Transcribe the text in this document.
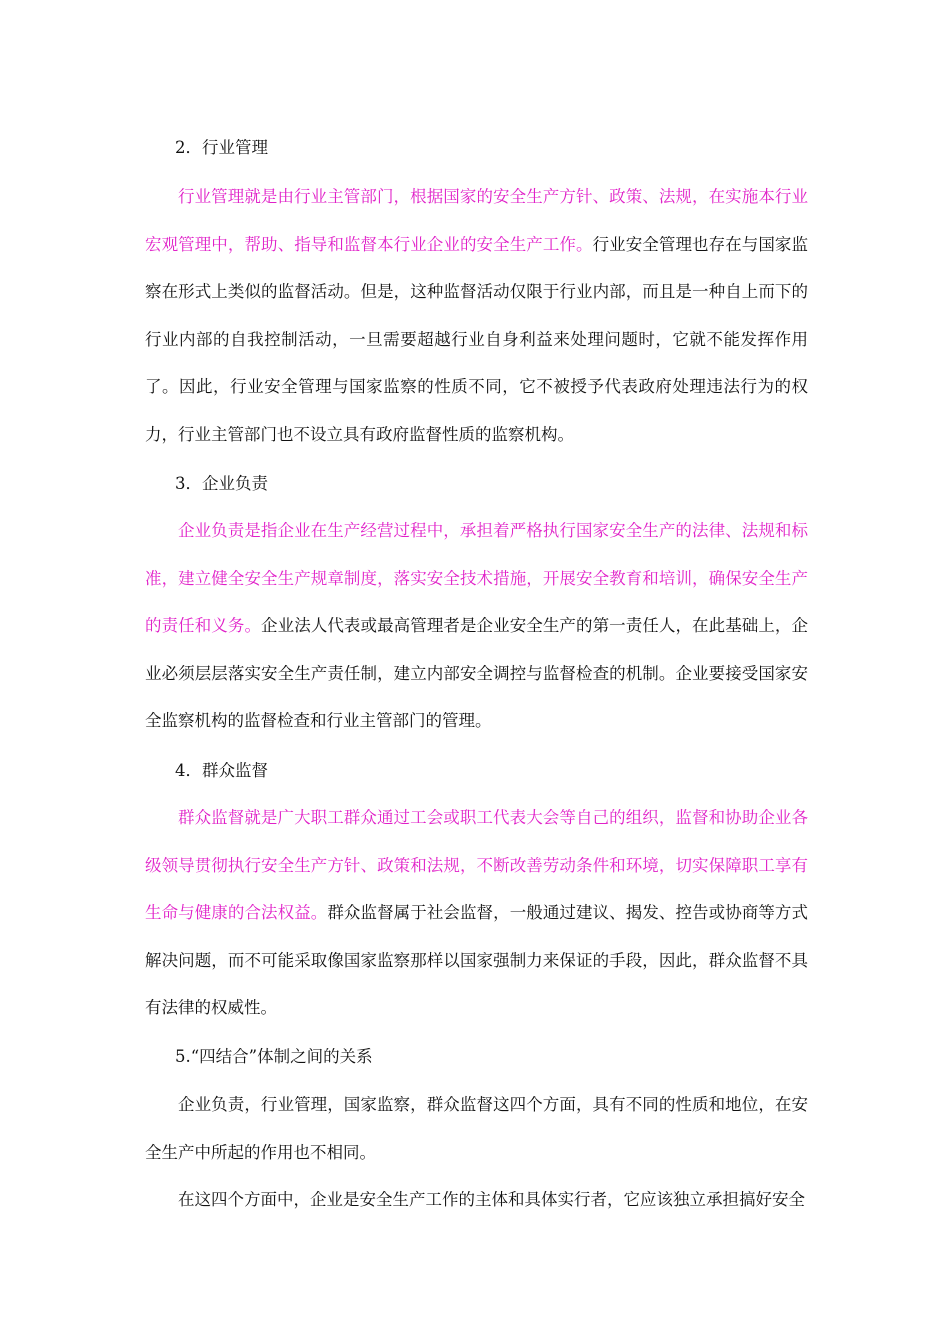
2．行业管理

行业管理就是由行业主管部门，根据国家的安全生产方针、政策、法规，在实施本行业宏观管理中，帮助、指导和监督本行业企业的安全生产工作。行业安全管理也存在与国家监察在形式上类似的监督活动。但是，这种监督活动仅限于行业内部，而且是一种自上而下的行业内部的自我控制活动，一旦需要超越行业自身利益来处理问题时，它就不能发挥作用了。因此，行业安全管理与国家监察的性质不同，它不被授予代表政府处理违法行为的权力，行业主管部门也不设立具有政府监督性质的监察机构。

3．企业负责

企业负责是指企业在生产经营过程中，承担着严格执行国家安全生产的法律、法规和标准，建立健全安全生产规章制度，落实安全技术措施，开展安全教育和培训，确保安全生产的责任和义务。企业法人代表或最高管理者是企业安全生产的第一责任人，在此基础上，企业必须层层落实安全生产责任制，建立内部安全调控与监督检查的机制。企业要接受国家安全监察机构的监督检查和行业主管部门的管理。

4．群众监督

群众监督就是广大职工群众通过工会或职工代表大会等自己的组织，监督和协助企业各级领导贯彻执行安全生产方针、政策和法规，不断改善劳动条件和环境，切实保障职工享有生命与健康的合法权益。群众监督属于社会监督，一般通过建议、揭发、控告或协商等方式解决问题，而不可能采取像国家监察那样以国家强制力来保证的手段，因此，群众监督不具有法律的权威性。

5.“四结合”体制之间的关系

企业负责，行业管理，国家监察，群众监督这四个方面，具有不同的性质和地位，在安全生产中所起的作用也不相同。

在这四个方面中，企业是安全生产工作的主体和具体实行者，它应该独立承担搞好安全
